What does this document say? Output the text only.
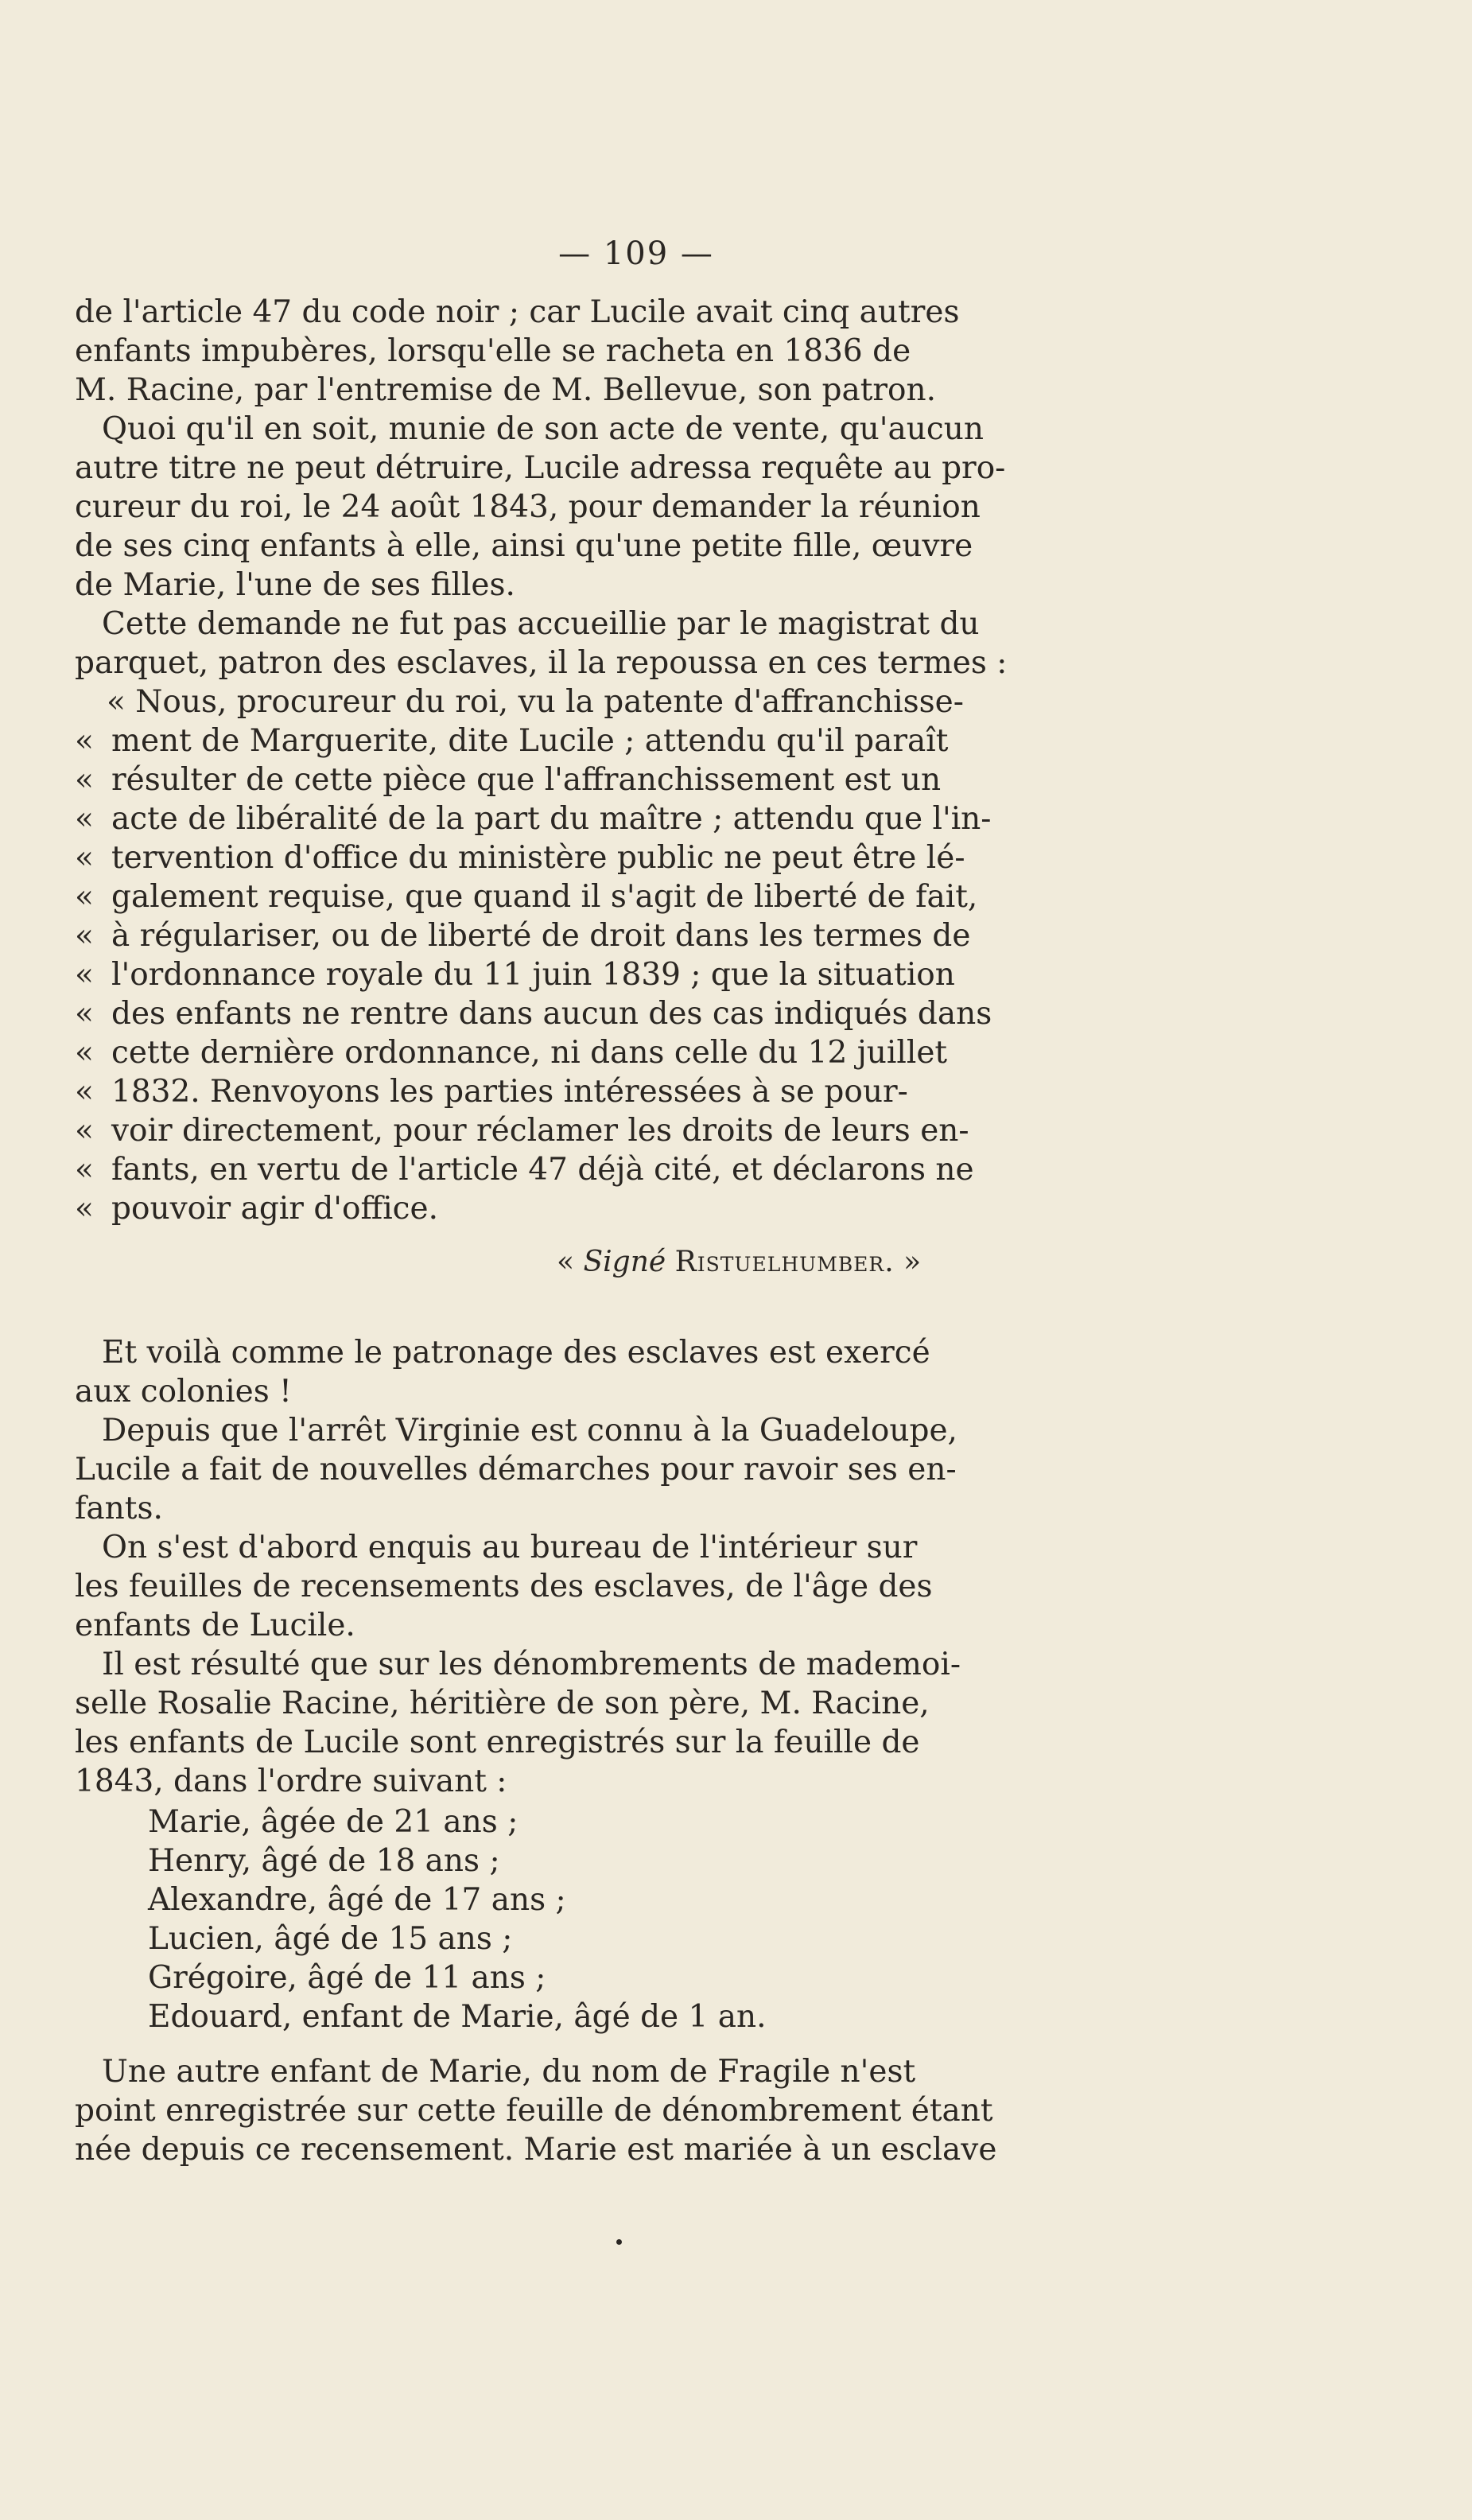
— 109 —
de l'article 47 du code noir ; car Lucile avait cinq autres
enfants impubères, lorsqu'elle se racheta en 1836 de
M. Racine, par l'entremise de M. Bellevue, son patron.
Quoi qu'il en soit, munie de son acte de vente, qu'aucun
autre titre ne peut détruire, Lucile adressa requête au pro-
cureur du roi, le 24 août 1843, pour demander la réunion
de ses cinq enfants à elle, ainsi qu'une petite fille, œuvre
de Marie, l'une de ses filles.
Cette demande ne fut pas accueillie par le magistrat du
parquet, patron des esclaves, il la repoussa en ces termes :
« Nous, procureur du roi, vu la patente d'affranchisse-
« ment de Marguerite, dite Lucile ; attendu qu'il paraît
« résulter de cette pièce que l'affranchissement est un
« acte de libéralité de la part du maître ; attendu que l'in-
« tervention d'office du ministère public ne peut être lé-
« galement requise, que quand il s'agit de liberté de fait,
« à régulariser, ou de liberté de droit dans les termes de
« l'ordonnance royale du 11 juin 1839 ; que la situation
« des enfants ne rentre dans aucun des cas indiqués dans
« cette dernière ordonnance, ni dans celle du 12 juillet
« 1832. Renvoyons les parties intéressées à se pour-
« voir directement, pour réclamer les droits de leurs en-
« fants, en vertu de l'article 47 déjà cité, et déclarons ne
« pouvoir agir d'office.
« Signé Ristuelhumber. »
Et voilà comme le patronage des esclaves est exercé
aux colonies !
Depuis que l'arrêt Virginie est connu à la Guadeloupe,
Lucile a fait de nouvelles démarches pour ravoir ses en-
fants.
On s'est d'abord enquis au bureau de l'intérieur sur
les feuilles de recensements des esclaves, de l'âge des
enfants de Lucile.
Il est résulté que sur les dénombrements de mademoi-
selle Rosalie Racine, héritière de son père, M. Racine,
les enfants de Lucile sont enregistrés sur la feuille de
1843, dans l'ordre suivant :
Marie, âgée de 21 ans ;
Henry, âgé de 18 ans ;
Alexandre, âgé de 17 ans ;
Lucien, âgé de 15 ans ;
Grégoire, âgé de 11 ans ;
Edouard, enfant de Marie, âgé de 1 an.
Une autre enfant de Marie, du nom de Fragile n'est
point enregistrée sur cette feuille de dénombrement étant
née depuis ce recensement. Marie est mariée à un esclave
